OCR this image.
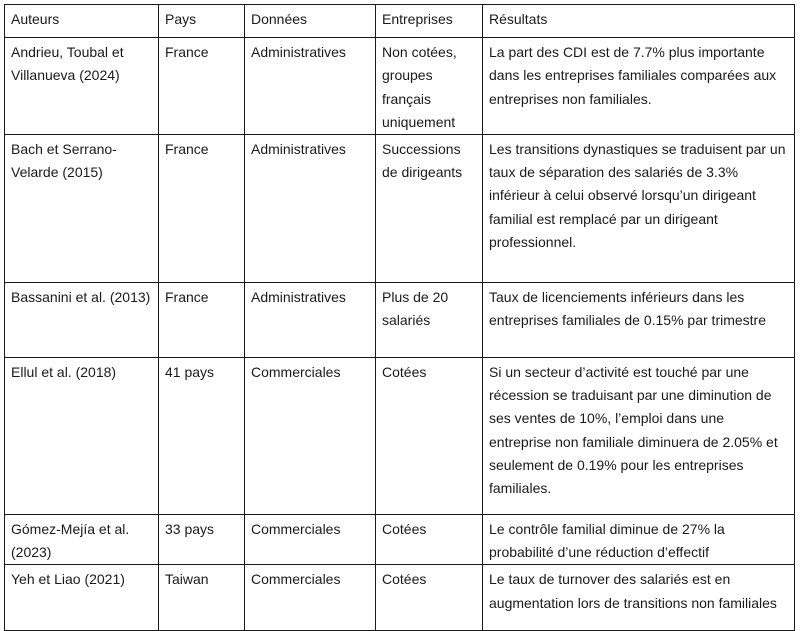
Auteurs	Pays	Données	Entreprises	Résultats
Andrieu, Toubal et Villanueva (2024)	France	Administratives	Non cotées, groupes français uniquement	La part des CDI est de 7.7% plus importante dans les entreprises familiales comparées aux entreprises non familiales.
Bach et Serrano-Velarde (2015)	France	Administratives	Successions de dirigeants	Les transitions dynastiques se traduisent par un taux de séparation des salariés de 3.3% inférieur à celui observé lorsqu’un dirigeant familial est remplacé par un dirigeant professionnel.
Bassanini et al. (2013)	France	Administratives	Plus de 20 salariés	Taux de licenciements inférieurs dans les entreprises familiales de 0.15% par trimestre
Ellul et al. (2018)	41 pays	Commerciales	Cotées	Si un secteur d’activité est touché par une récession se traduisant par une diminution de ses ventes de 10%, l’emploi dans une entreprise non familiale diminuera de 2.05% et seulement de 0.19% pour les entreprises familiales.
Gómez-Mejía et al. (2023)	33 pays	Commerciales	Cotées	Le contrôle familial diminue de 27% la probabilité d’une réduction d’effectif
Yeh et Liao (2021)	Taiwan	Commerciales	Cotées	Le taux de turnover des salariés est en augmentation lors de transitions non familiales
